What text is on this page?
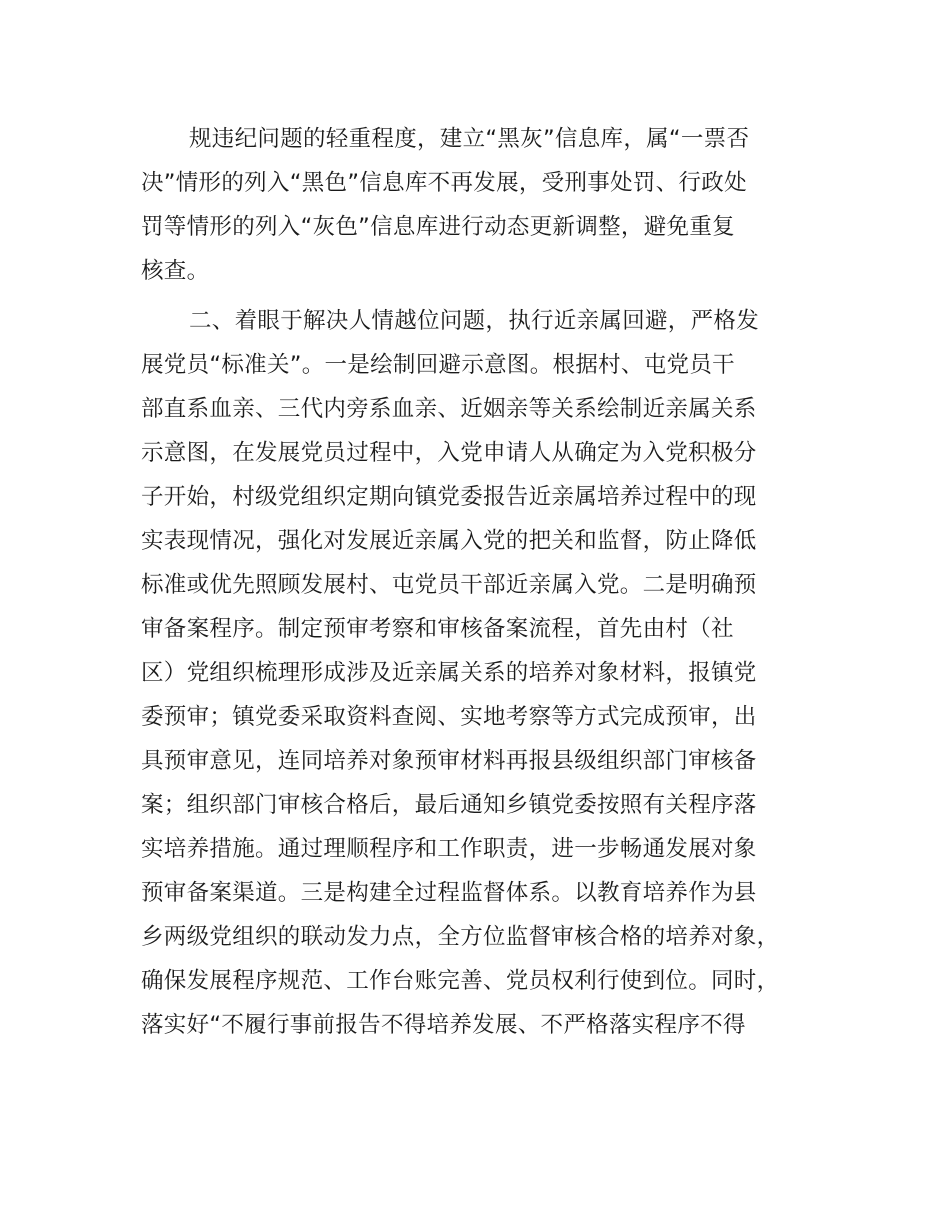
规违纪问题的轻重程度，建立“黑灰”信息库，属“一票否
决”情形的列入“黑色”信息库不再发展，受刑事处罚、行政处
罚等情形的列入“灰色”信息库进行动态更新调整，避免重复
核查。

二、着眼于解决人情越位问题，执行近亲属回避，严格发
展党员“标准关”。一是绘制回避示意图。根据村、屯党员干
部直系血亲、三代内旁系血亲、近姻亲等关系绘制近亲属关系
示意图，在发展党员过程中，入党申请人从确定为入党积极分
子开始，村级党组织定期向镇党委报告近亲属培养过程中的现
实表现情况，强化对发展近亲属入党的把关和监督，防止降低
标准或优先照顾发展村、屯党员干部近亲属入党。二是明确预
审备案程序。制定预审考察和审核备案流程，首先由村（社
区）党组织梳理形成涉及近亲属关系的培养对象材料，报镇党
委预审；镇党委采取资料查阅、实地考察等方式完成预审，出
具预审意见，连同培养对象预审材料再报县级组织部门审核备
案；组织部门审核合格后，最后通知乡镇党委按照有关程序落
实培养措施。通过理顺程序和工作职责，进一步畅通发展对象
预审备案渠道。三是构建全过程监督体系。以教育培养作为县
乡两级党组织的联动发力点，全方位监督审核合格的培养对象，
确保发展程序规范、工作台账完善、党员权利行使到位。同时，
落实好“不履行事前报告不得培养发展、不严格落实程序不得
